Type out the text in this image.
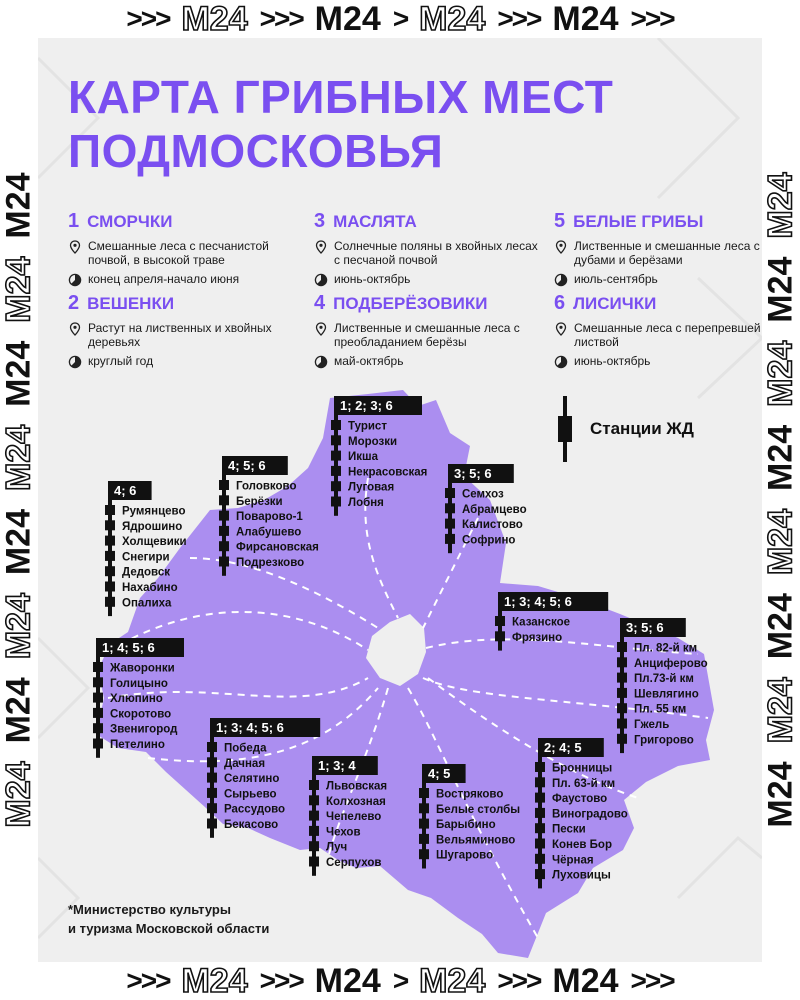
>>> M24 >>> M24 > M24 >>> M24 >>>
>>> M24 >>> M24 > M24 >>> M24 >>>
M24
M24
M24
M24
M24
M24
M24
M24
M24
M24
M24
M24
M24
M24
M24
M24
КАРТА ГРИБНЫХ МЕСТ
ПОДМОСКОВЬЯ
1 СМОРЧКИ
Смешанные леса с песчанистой почвой, в высокой траве
конец апреля-начало июня
2 ВЕШЕНКИ
Растут на лиственных и хвойных деревьях
круглый год
3 МАСЛЯТА
Солнечные поляны в хвойных лесах с песчаной почвой
июнь-октябрь
4 ПОДБЕРЁЗОВИКИ
Лиственные и смешанные леса с преобладанием берёзы
май-октябрь
5 БЕЛЫЕ ГРИБЫ
Лиственные и смешанные леса с дубами и берёзами
июль-сентябрь
6 ЛИСИЧКИ
Смешанные леса с перепревшей листвой
июнь-октябрь
1; 2; 3; 6
Турист
Морозки
Икша
Некрасовская
Луговая
Лобня
4; 5; 6
Головково
Берёзки
Поварово-1
Алабушево
Фирсановская
Подрезково
4; 6
Румянцево
Ядрошино
Холщевики
Снегири
Дедовск
Нахабино
Опалиха
3; 5; 6
Семхоз
Абрамцево
Калистово
Софрино
1; 3; 4; 5; 6
Казанское
Фрязино
3; 5; 6
Пл. 82-й км
Анциферово
Пл.73-й км
Шевлягино
Пл. 55 км
Гжель
Григорово
1; 4; 5; 6
Жаворонки
Голицыно
Хлюпино
Скоротово
Звенигород
Петелино
1; 3; 4; 5; 6
Победа
Дачная
Селятино
Сырьево
Рассудово
Бекасово
1; 3; 4
Львовская
Колхозная
Чепелево
Чехов
Луч
Серпухов
4; 5
Востряково
Белые столбы
Барыбино
Вельяминово
Шугарово
2; 4; 5
Бронницы
Пл. 63-й км
Фаустово
Виноградово
Пески
Конев Бор
Чёрная
Луховицы
Станции ЖД
*Министерство культуры
и туризма Московской области
